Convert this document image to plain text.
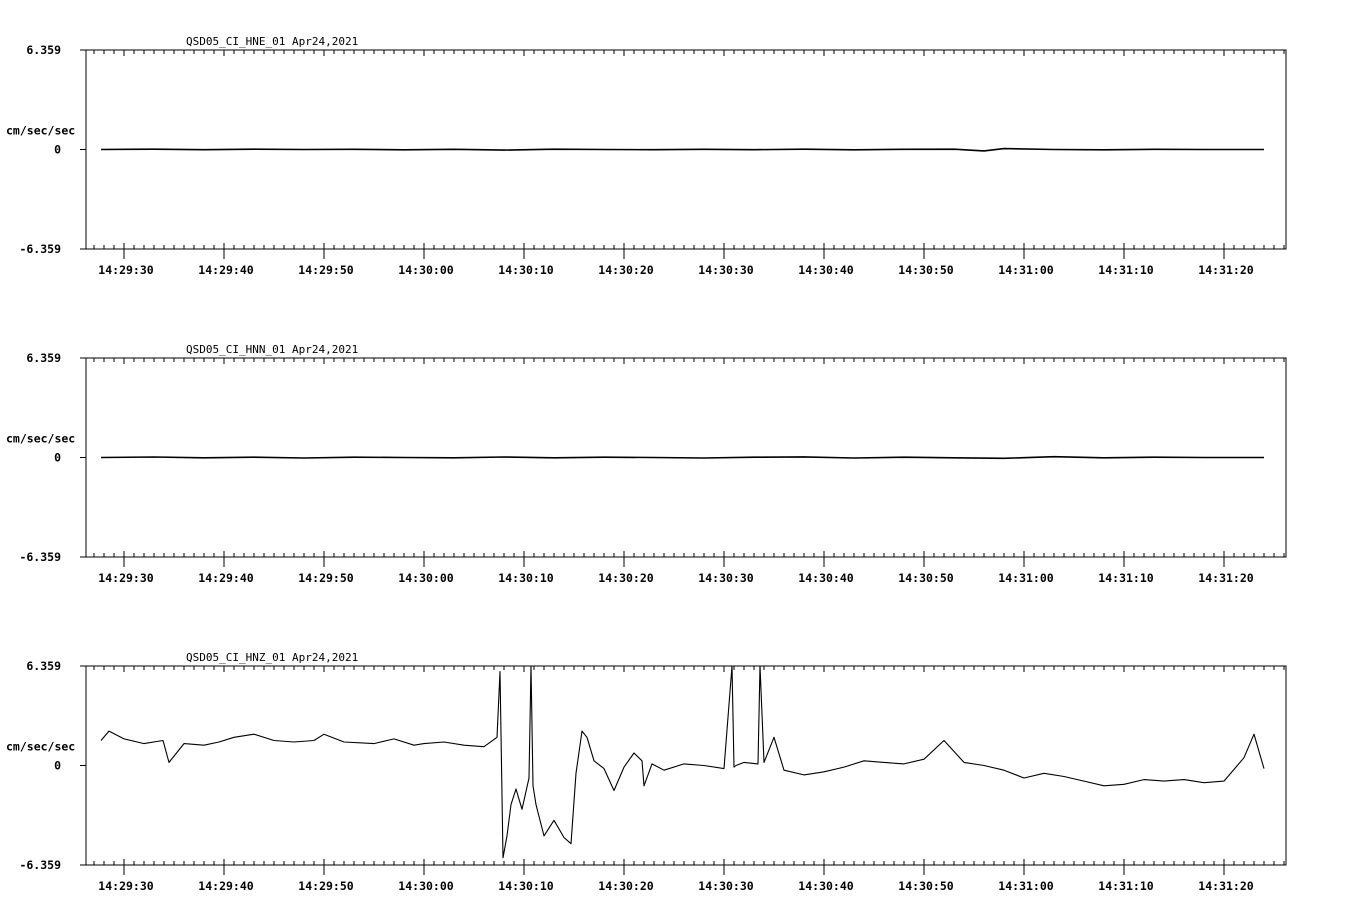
QSD05_CI_HNE_01 Apr24,2021
cm/sec/sec
6.359
0
-6.359
14:29:30	14:29:40	14:29:50	14:30:00	14:30:10	14:30:20	14:30:30	14:30:40	14:30:50	14:31:00	14:31:10	14:31:20
QSD05_CI_HNN_01 Apr24,2021
cm/sec/sec
6.359
0
-6.359
14:29:30	14:29:40	14:29:50	14:30:00	14:30:10	14:30:20	14:30:30	14:30:40	14:30:50	14:31:00	14:31:10	14:31:20
QSD05_CI_HNZ_01 Apr24,2021
cm/sec/sec
6.359
0
-6.359
14:29:30	14:29:40	14:29:50	14:30:00	14:30:10	14:30:20	14:30:30	14:30:40	14:30:50	14:31:00	14:31:10	14:31:20
